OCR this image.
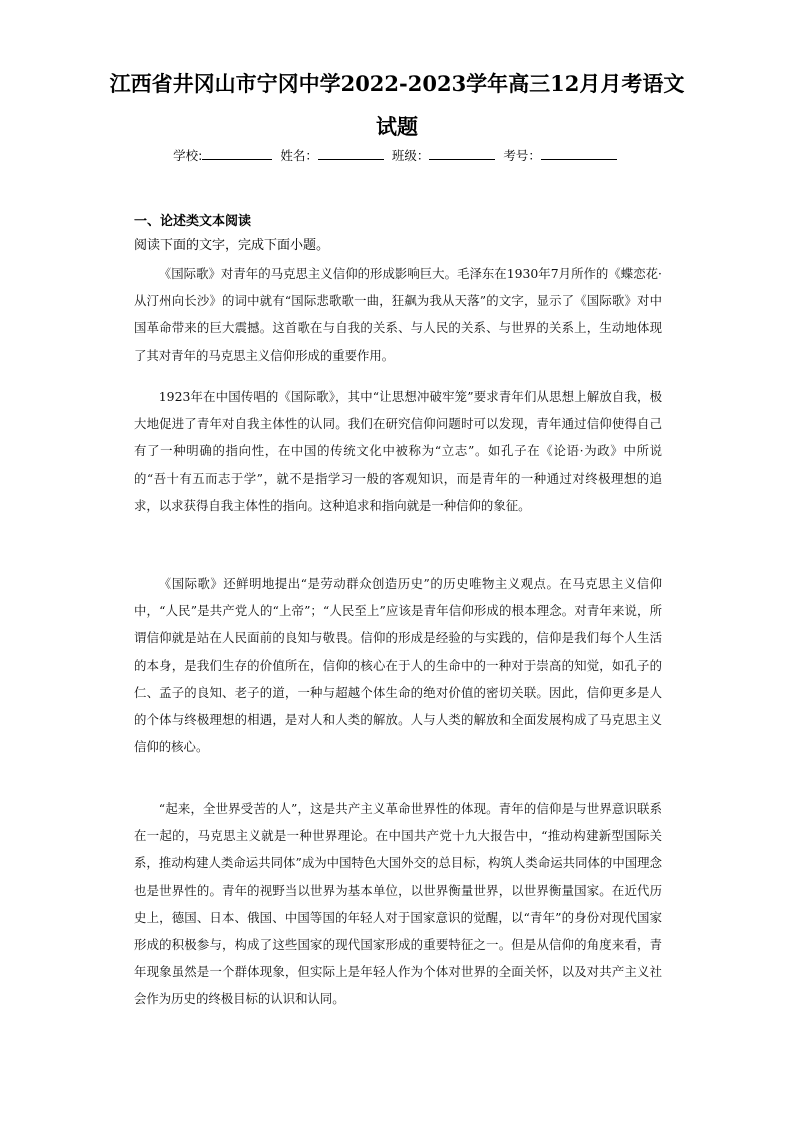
江西省井冈山市宁冈中学2022-2023学年高三12月月考语文
试题
学校:	姓名：	班级：	考号：
一、论述类文本阅读
阅读下面的文字，完成下面小题。

《国际歌》对青年的马克思主义信仰的形成影响巨大。毛泽东在1930年7月所作的《蝶恋花·从汀州向长沙》的词中就有“国际悲歌歌一曲，狂飙为我从天落”的文字，显示了《国际歌》对中国革命带来的巨大震撼。这首歌在与自我的关系、与人民的关系、与世界的关系上，生动地体现了其对青年的马克思主义信仰形成的重要作用。

1923年在中国传唱的《国际歌》，其中“让思想冲破牢笼”要求青年们从思想上解放自我，极大地促进了青年对自我主体性的认同。我们在研究信仰问题时可以发现，青年通过信仰使得自己有了一种明确的指向性，在中国的传统文化中被称为“立志”。如孔子在《论语·为政》中所说的“吾十有五而志于学”，就不是指学习一般的客观知识，而是青年的一种通过对终极理想的追求，以求获得自我主体性的指向。这种追求和指向就是一种信仰的象征。

《国际歌》还鲜明地提出“是劳动群众创造历史”的历史唯物主义观点。在马克思主义信仰中，“人民”是共产党人的“上帝”；“人民至上”应该是青年信仰形成的根本理念。对青年来说，所谓信仰就是站在人民面前的良知与敬畏。信仰的形成是经验的与实践的，信仰是我们每个人生活的本身，是我们生存的价值所在，信仰的核心在于人的生命中的一种对于崇高的知觉，如孔子的仁、孟子的良知、老子的道，一种与超越个体生命的绝对价值的密切关联。因此，信仰更多是人的个体与终极理想的相遇，是对人和人类的解放。人与人类的解放和全面发展构成了马克思主义信仰的核心。

“起来，全世界受苦的人”，这是共产主义革命世界性的体现。青年的信仰是与世界意识联系在一起的，马克思主义就是一种世界理论。在中国共产党十九大报告中，“推动构建新型国际关系，推动构建人类命运共同体”成为中国特色大国外交的总目标，构筑人类命运共同体的中国理念也是世界性的。青年的视野当以世界为基本单位，以世界衡量世界，以世界衡量国家。在近代历史上，德国、日本、俄国、中国等国的年轻人对于国家意识的觉醒，以“青年”的身份对现代国家形成的积极参与，构成了这些国家的现代国家形成的重要特征之一。但是从信仰的角度来看，青年现象虽然是一个群体现象，但实际上是年轻人作为个体对世界的全面关怀，以及对共产主义社会作为历史的终极目标的认识和认同。
